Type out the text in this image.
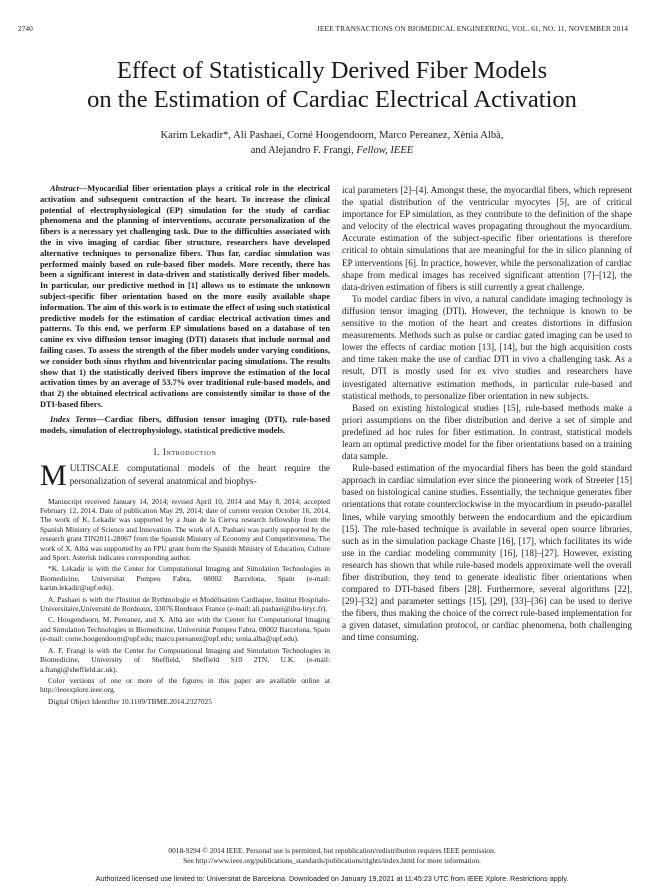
2740	IEEE TRANSACTIONS ON BIOMEDICAL ENGINEERING, VOL. 61, NO. 11, NOVEMBER 2014
Effect of Statistically Derived Fiber Models
on the Estimation of Cardiac Electrical Activation
Karim Lekadir*, Ali Pashaei, Corné Hoogendoorn, Marco Pereanez, Xènia Albà,
and Alejandro F. Frangi, Fellow, IEEE

Abstract—Myocardial fiber orientation plays a critical role in the electrical activation and subsequent contraction of the heart. To increase the clinical potential of electrophysiological (EP) simulation for the study of cardiac phenomena and the planning of interventions, accurate personalization of the fibers is a necessary yet challenging task. Due to the difficulties associated with the in vivo imaging of cardiac fiber structure, researchers have developed alternative techniques to personalize fibers. Thus far, cardiac simulation was performed mainly based on rule-based fiber models. More recently, there has been a significant interest in data-driven and statistically derived fiber models. In particular, our predictive method in [1] allows us to estimate the unknown subject-specific fiber orientation based on the more easily available shape information. The aim of this work is to estimate the effect of using such statistical predictive models for the estimation of cardiac electrical activation times and patterns. To this end, we perform EP simulations based on a database of ten canine ex vivo diffusion tensor imaging (DTI) datasets that include normal and failing cases. To assess the strength of the fiber models under varying conditions, we consider both sinus rhythm and biventricular pacing simulations. The results show that 1) the statistically derived fibers improve the estimation of the local activation times by an average of 53.7% over traditional rule-based models, and that 2) the obtained electrical activations are consistently similar to those of the DTI-based fibers.

Index Terms—Cardiac fibers, diffusion tensor imaging (DTI), rule-based models, simulation of electrophysiology, statistical predictive models.

I. Introduction

MULTISCALE computational models of the heart require the personalization of several anatomical and biophys-

Manuscript received January 14, 2014; revised April 10, 2014 and May 8, 2014; accepted February 12, 2014. Date of publication May 29, 2014; date of current version October 16, 2014. The work of K. Lekadir was supported by a Juan de la Cierva research fellowship from the Spanish Ministry of Science and Innovation. The work of A. Pashaei was partly supported by the research grant TIN2011-28067 from the Spanish Ministry of Economy and Competitiveness. The work of X. Albà was supported by an FPU grant from the Spanish Ministry of Education, Culture and Sport. Asterisk indicates corresponding author.

*K. Lekadir is with the Center for Computational Imaging and Simulation Technologies in Biomedicine, Universitat Pompeu Fabra, 08002 Barcelona, Spain (e-mail: karim.lekadir@upf.edu).

A. Pashaei is with the l'Institut de Rythmologie et Modélisation Cardiaque, Institut Hospitalo-Universitaire,Université de Bordeaux, 33076 Bordeaux France (e-mail: ali.pashaei@ihu-liryc.fr).

C. Hoogendoorn, M. Pereanez, and X. Albà are with the Center for Computational Imaging and Simulation Technologies in Biomedicine, Universitat Pompeu Fabra, 08002 Barcelona, Spain (e-mail: corne.hoogendoorn@upf.edu; marco.pereanez@upf.edu; xenia.alba@upf.edu).

A. F. Frangi is with the Center for Computational Imaging and Simulation Technologies in Biomedicine, University of Sheffield, Sheffield S10 2TN, U.K. (e-mail: a.frangi@sheffield.ac.uk).

Color versions of one or more of the figures in this paper are available online at http://ieeexplore.ieee.org.

Digital Object Identifier 10.1109/TBME.2014.2327025

ical parameters [2]–[4]. Amongst these, the myocardial fibers, which represent the spatial distribution of the ventricular myocytes [5], are of critical importance for EP simulation, as they contribute to the definition of the shape and velocity of the electrical waves propagating throughout the myocardium. Accurate estimation of the subject-specific fiber orientations is therefore critical to obtain simulations that are meaningful for the in silico planning of EP interventions [6]. In practice, however, while the personalization of cardiac shape from medical images has received significant attention [7]–[12], the data-driven estimation of fibers is still currently a great challenge.

To model cardiac fibers in vivo, a natural candidate imaging technology is diffusion tensor imaging (DTI). However, the technique is known to be sensitive to the motion of the heart and creates distortions in diffusion measurements. Methods such as pulse or cardiac gated imaging can be used to lower the effects of cardiac motion [13], [14], but the high acquisition costs and time taken make the use of cardiac DTI in vivo a challenging task. As a result, DTI is mostly used for ex vivo studies and researchers have investigated alternative estimation methods, in particular rule-based and statistical methods, to personalize fiber orientation in new subjects.

Based on existing histological studies [15], rule-based methods make a priori assumptions on the fiber distribution and derive a set of simple and predefined ad hoc rules for fiber estimation. In contrast, statistical models learn an optimal predictive model for the fiber orientations based on a training data sample.

Rule-based estimation of the myocardial fibers has been the gold standard approach in cardiac simulation ever since the pioneering work of Streeter [15] based on histological canine studies. Essentially, the technique generates fiber orientations that rotate counterclockwise in the myocardium in pseudo-parallel lines, while varying smoothly between the endocardium and the epicardium [15]. The rule-based technique is available in several open source libraries, such as in the simulation package Chaste [16], [17], which facilitates its wide use in the cardiac modeling community [16], [18]–[27]. However, existing research has shown that while rule-based models approximate well the overall fiber distribution, they tend to generate idealistic fiber orientations when compared to DTI-based fibers [28]. Furthermore, several algorithms [22], [29]–[32] and parameter settings [15], [29], [33]–[36] can be used to derive the fibers, thus making the choice of the correct rule-based implementation for a given dataset, simulation protocol, or cardiac phenomena, both challenging and time consuming.

0018-9294 © 2014 IEEE. Personal use is permitted, but republication/redistribution requires IEEE permission.
See http://www.ieee.org/publications_standards/publications/rights/index.html for more information.
Authorized licensed use limited to: Universitat de Barcelona. Downloaded on January 19,2021 at 11:45:23 UTC from IEEE Xplore. Restrictions apply.
